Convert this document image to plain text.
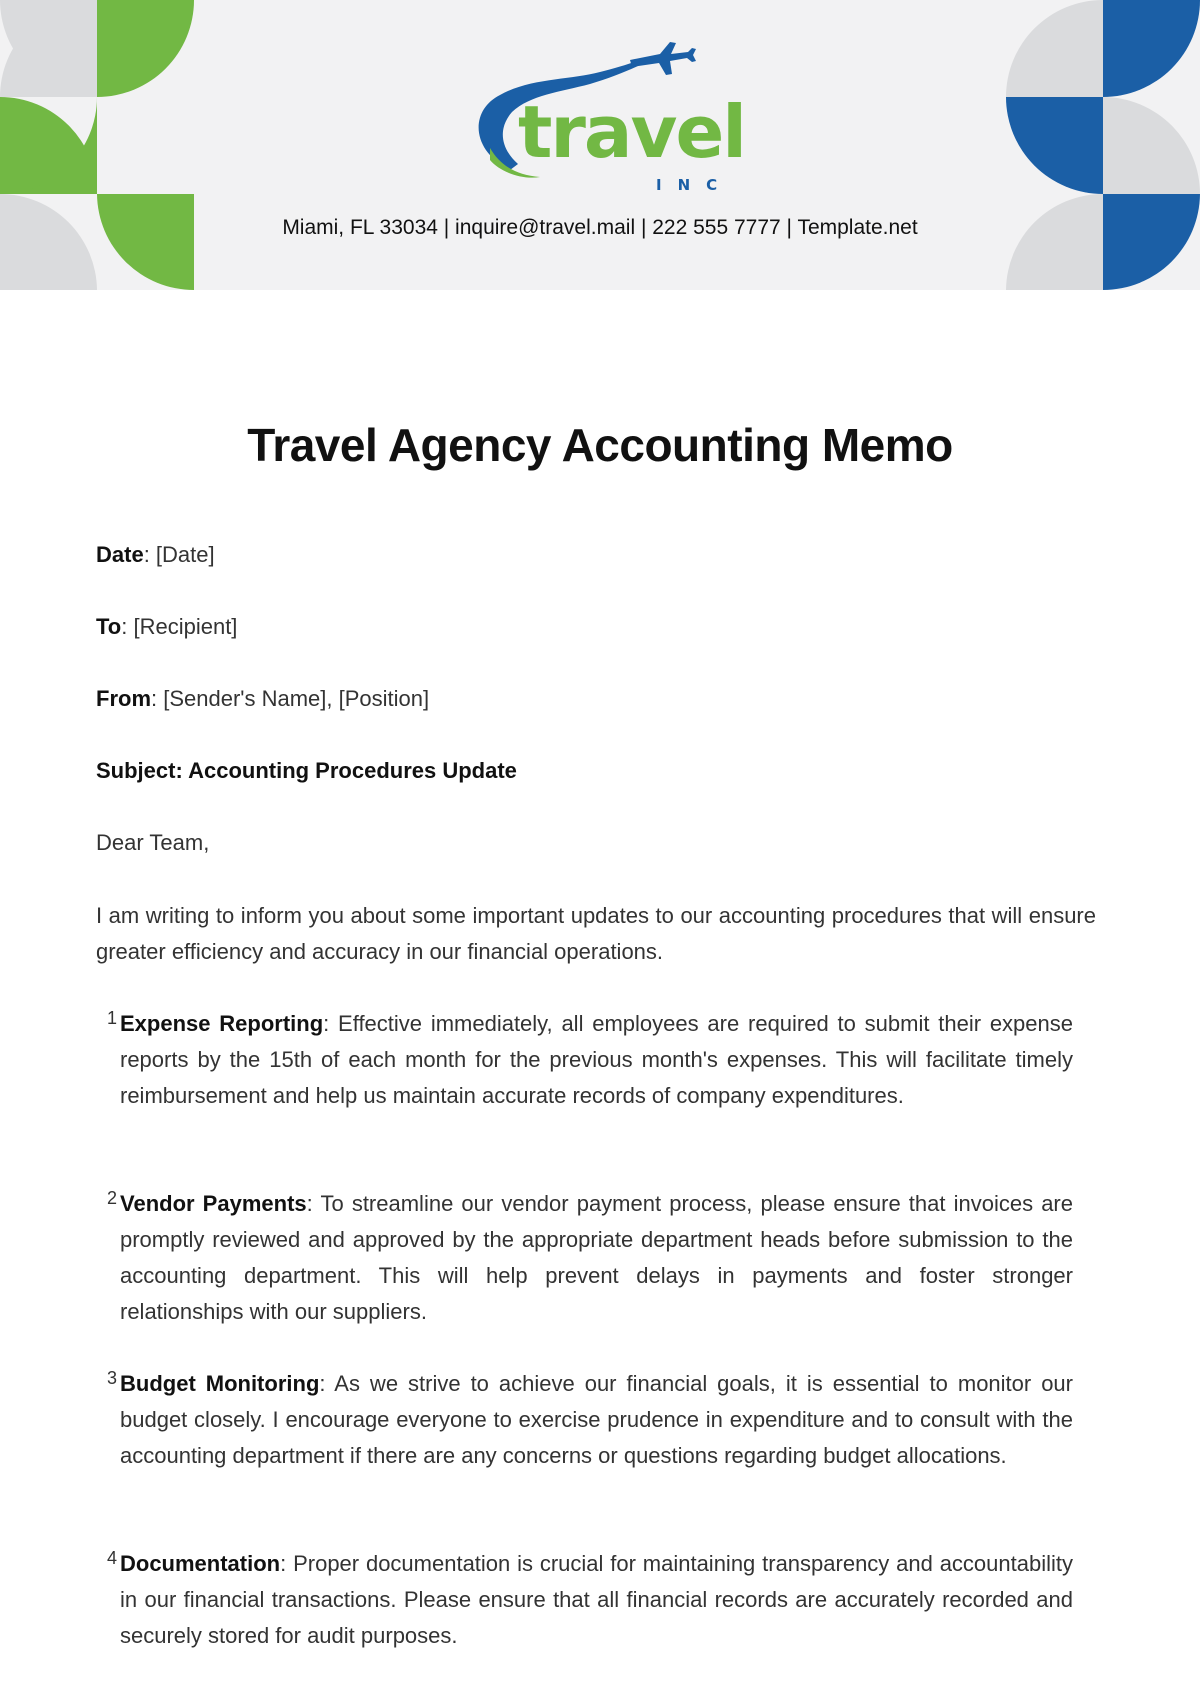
travel
INC
Miami, FL 33034 | inquire@travel.mail | 222 555 7777 | Template.net
Travel Agency Accounting Memo
Date: [Date]
To: [Recipient]
From: [Sender's Name], [Position]
Subject: Accounting Procedures Update
Dear Team,
I am writing to inform you about some important updates to our accounting procedures that will ensure greater efficiency and accuracy in our financial operations.
1 Expense Reporting: Effective immediately, all employees are required to submit their expense reports by the 15th of each month for the previous month's expenses. This will facilitate timely reimbursement and help us maintain accurate records of company expenditures.
2 Vendor Payments: To streamline our vendor payment process, please ensure that invoices are promptly reviewed and approved by the appropriate department heads before submission to the accounting department. This will help prevent delays in payments and foster stronger relationships with our suppliers.
3 Budget Monitoring: As we strive to achieve our financial goals, it is essential to monitor our budget closely. I encourage everyone to exercise prudence in expenditure and to consult with the accounting department if there are any concerns or questions regarding budget allocations.
4 Documentation: Proper documentation is crucial for maintaining transparency and accountability in our financial transactions. Please ensure that all financial records are accurately recorded and securely stored for audit purposes.
